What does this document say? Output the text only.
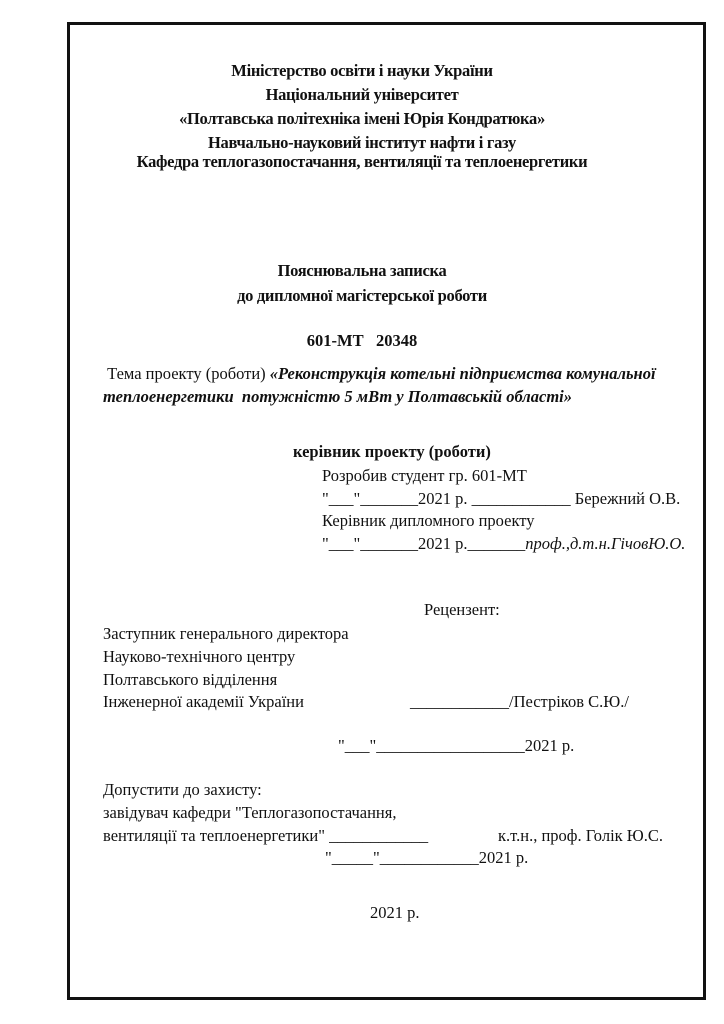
Міністерство освіти і науки України
Національний університет
«Полтавська політехніка імені Юрія Кондратюка»
Навчально-науковий інститут нафти і газу
Кафедра теплогазопостачання, вентиляції та теплоенергетики
Пояснювальна записка
до дипломної магістерської роботи
601-МТ   20348
Тема проекту (роботи) «Реконструкція котельні підприємства комунальної
теплоенергетики  потужністю 5 мВт у Полтавській області»
керівник проекту (роботи)
Розробив студент гр. 601-МТ
"___"_______2021 р. ____________ Бережний О.В.
Керівник дипломного проекту
"___"_______2021 р._______проф.,д.т.н.ГічовЮ.О.
Рецензент:
Заступник генерального директора
Науково-технічного центру
Полтавського відділення
Інженерної академії України	____________/Пестріков С.Ю./
"___"__________________2021 р.
Допустити до захисту:
завідувач кафедри "Теплогазопостачання,
вентиляції та теплоенергетики" ____________	к.т.н., проф. Голік Ю.С.
"_____"____________2021 р.
2021 р.
